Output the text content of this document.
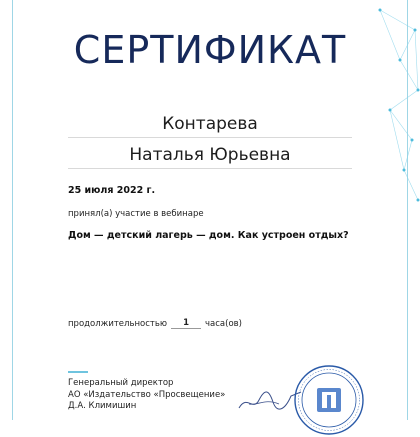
СЕРТИФИКАТ
Контарева
Наталья Юрьевна
25 июля 2022 г.
принял(а) участие в вебинаре
Дом — детский лагерь — дом. Как устроен отдых?
продолжительностью	1	часа(ов)
Генеральный директор
АО «Издательство «Просвещение»
Д.А. Климишин
